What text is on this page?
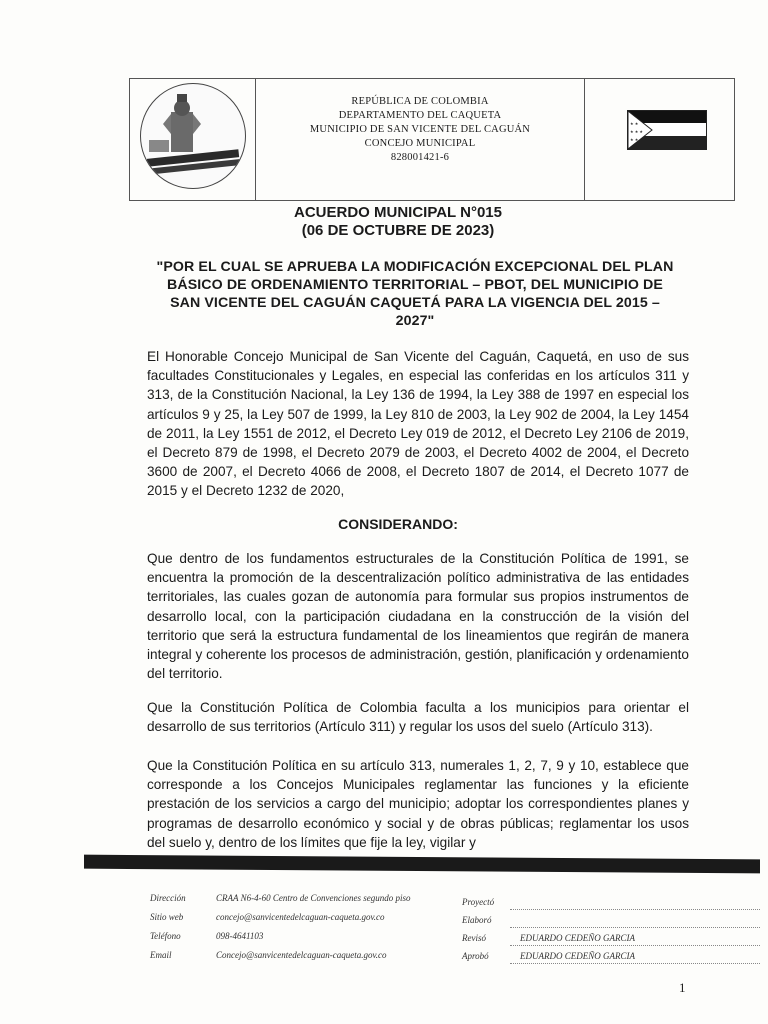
REPÚBLICA DE COLOMBIA
DEPARTAMENTO DEL CAQUETA
MUNICIPIO DE SAN VICENTE DEL CAGUÁN
CONCEJO MUNICIPAL
828001421-6
★ ★
★ ★ ★
★ ★
ACUERDO MUNICIPAL N°015
(06 DE OCTUBRE DE 2023)
"POR EL CUAL SE APRUEBA LA MODIFICACIÓN EXCEPCIONAL DEL PLAN BÁSICO DE ORDENAMIENTO TERRITORIAL – PBOT, DEL MUNICIPIO DE SAN VICENTE DEL CAGUÁN CAQUETÁ PARA LA VIGENCIA DEL 2015 – 2027"
El Honorable Concejo Municipal de San Vicente del Caguán, Caquetá, en uso de sus facultades Constitucionales y Legales, en especial las conferidas en los artículos 311 y 313, de la Constitución Nacional, la Ley 136 de 1994, la Ley 388 de 1997 en especial los artículos 9 y 25, la Ley 507 de 1999, la Ley 810 de 2003, la Ley 902 de 2004, la Ley 1454 de 2011, la Ley 1551 de 2012, el Decreto Ley 019 de 2012, el Decreto Ley 2106 de 2019, el Decreto 879 de 1998, el Decreto 2079 de 2003, el Decreto 4002 de 2004, el Decreto 3600 de 2007, el Decreto 4066 de 2008, el Decreto 1807 de 2014, el Decreto 1077 de 2015 y el Decreto 1232 de 2020,
CONSIDERANDO:
Que dentro de los fundamentos estructurales de la Constitución Política de 1991, se encuentra la promoción de la descentralización político administrativa de las entidades territoriales, las cuales gozan de autonomía para formular sus propios instrumentos de desarrollo local, con la participación ciudadana en la construcción de la visión del territorio que será la estructura fundamental de los lineamientos que regirán de manera integral y coherente los procesos de administración, gestión, planificación y ordenamiento del territorio.
Que la Constitución Política de Colombia faculta a los municipios para orientar el desarrollo de sus territorios (Artículo 311) y regular los usos del suelo (Artículo 313).
Que la Constitución Política en su artículo 313, numerales 1, 2, 7, 9 y 10, establece que corresponde a los Concejos Municipales reglamentar las funciones y la eficiente prestación de los servicios a cargo del municipio; adoptar los correspondientes planes y programas de desarrollo económico y social y de obras públicas; reglamentar los usos del suelo y, dentro de los límites que fije la ley, vigilar y
Dirección	CRAA N6-4-60 Centro de Convenciones segundo piso
Sitio web	concejo@sanvicentedelcaguan-caqueta.gov.co
Teléfono	098-4641103
Email	Concejo@sanvicentedelcaguan-caqueta.gov.co
Proyectó
Elaboró
Revisó	EDUARDO CEDEÑO GARCIA
Aprobó	EDUARDO CEDEÑO GARCIA
1
